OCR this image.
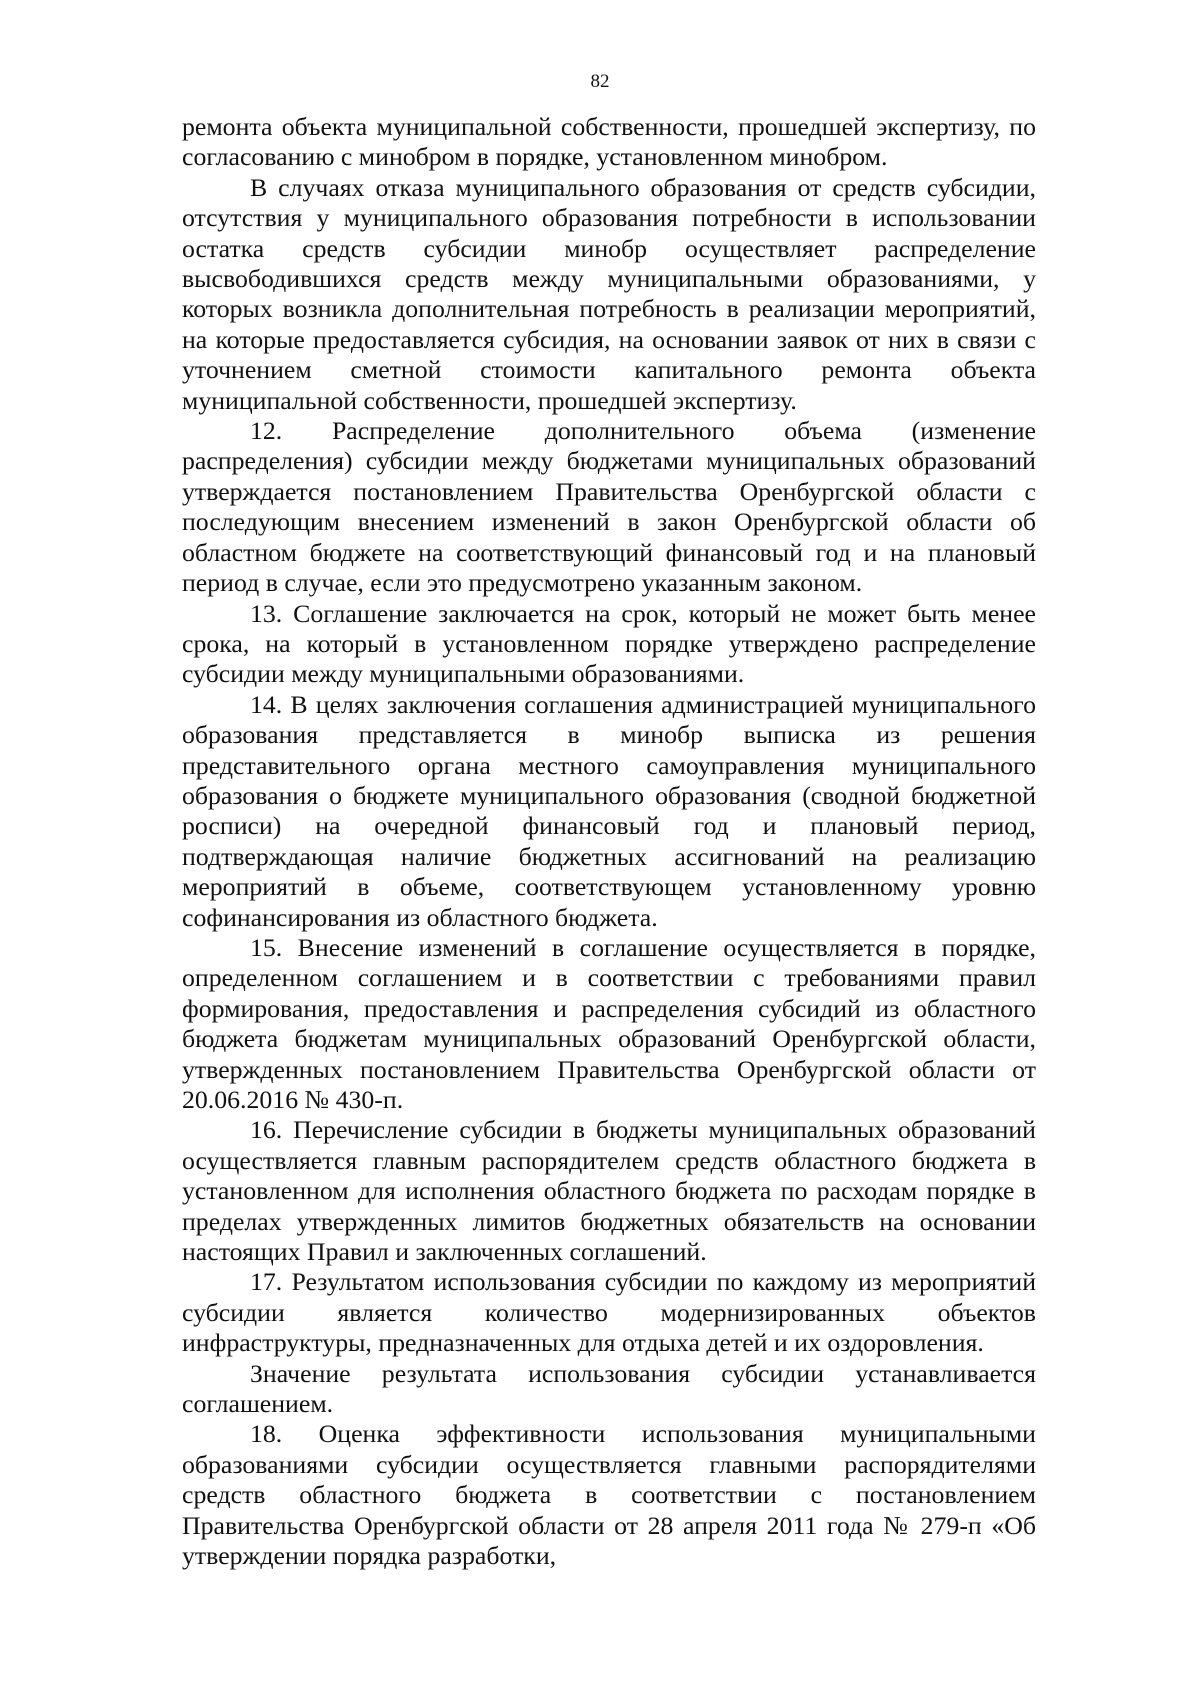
82

ремонта объекта муниципальной собственности, прошедшей экспертизу, по согласованию с минобром в порядке, установленном минобром.

В случаях отказа муниципального образования от средств субсидии, отсутствия у муниципального образования потребности в использовании остатка средств субсидии минобр осуществляет распределение высвободившихся средств между муниципальными образованиями, у которых возникла дополнительная потребность в реализации мероприятий, на которые предоставляется субсидия, на основании заявок от них в связи с уточнением сметной стоимости капитального ремонта объекта муниципальной собственности, прошедшей экспертизу.

12. Распределение дополнительного объема (изменение распределения) субсидии между бюджетами муниципальных образований утверждается постановлением Правительства Оренбургской области с последующим внесением изменений в закон Оренбургской области об областном бюджете на соответствующий финансовый год и на плановый период в случае, если это предусмотрено указанным законом.

13. Соглашение заключается на срок, который не может быть менее срока, на который в установленном порядке утверждено распределение субсидии между муниципальными образованиями.

14. В целях заключения соглашения администрацией муниципального образования представляется в минобр выписка из решения представительного органа местного самоуправления муниципального образования о бюджете муниципального образования (сводной бюджетной росписи) на очередной финансовый год и плановый период, подтверждающая наличие бюджетных ассигнований на реализацию мероприятий в объеме, соответствующем установленному уровню софинансирования из областного бюджета.

15. Внесение изменений в соглашение осуществляется в порядке, определенном соглашением и в соответствии с требованиями правил формирования, предоставления и распределения субсидий из областного бюджета бюджетам муниципальных образований Оренбургской области, утвержденных постановлением Правительства Оренбургской области от 20.06.2016 № 430-п.

16. Перечисление субсидии в бюджеты муниципальных образований осуществляется главным распорядителем средств областного бюджета в установленном для исполнения областного бюджета по расходам порядке в пределах утвержденных лимитов бюджетных обязательств на основании настоящих Правил и заключенных соглашений.

17. Результатом использования субсидии по каждому из мероприятий субсидии является количество модернизированных объектов инфраструктуры, предназначенных для отдыха детей и их оздоровления.

Значение результата использования субсидии устанавливается соглашением.

18. Оценка эффективности использования муниципальными образованиями субсидии осуществляется главными распорядителями средств областного бюджета в соответствии с постановлением Правительства Оренбургской области от 28 апреля 2011 года № 279-п «Об утверждении порядка разработки,
